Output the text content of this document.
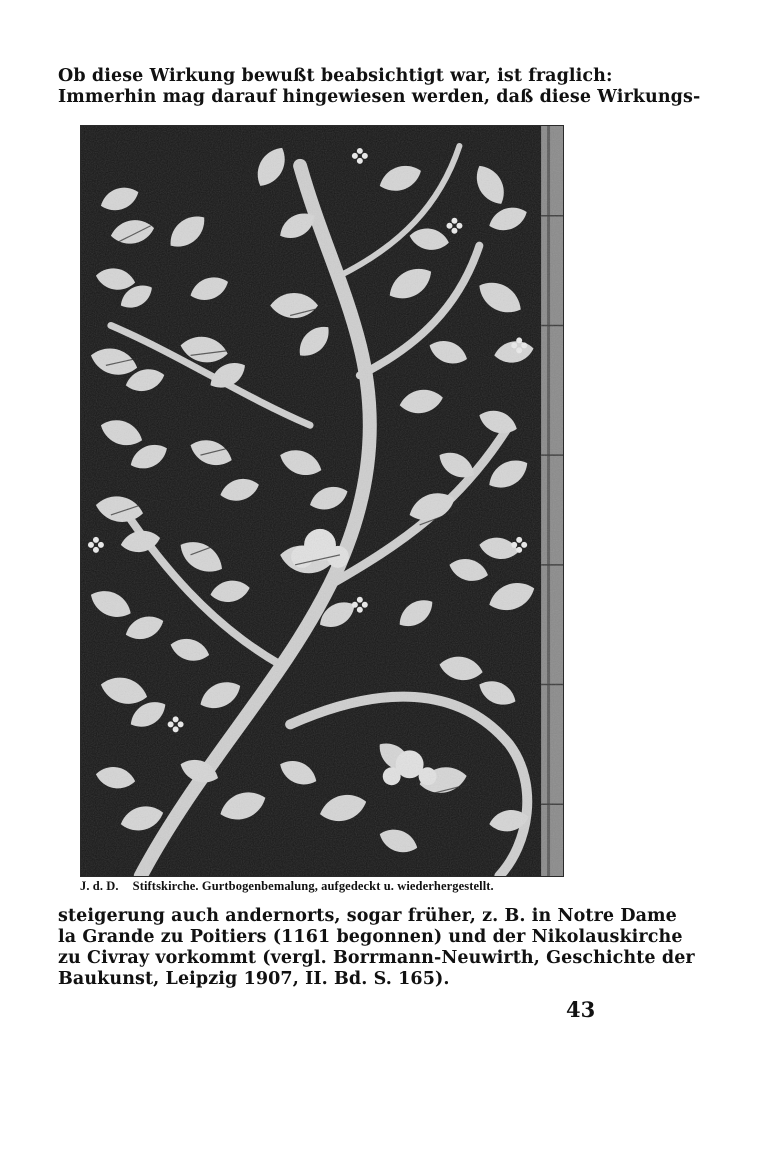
Ob diese Wirkung bewußt beabsichtigt war, ist fraglich:
Immerhin mag darauf hingewiesen werden, daß diese Wirkungs-
J. d. D. Stiftskirche. Gurtbogenbemalung, aufgedeckt u. wiederhergestellt.
steigerung auch andernorts, sogar früher, z. B. in Notre Dame
la Grande zu Poitiers (1161 begonnen) und der Nikolauskirche
zu Civray vorkommt (vergl. Borrmann-Neuwirth, Geschichte der
Baukunst, Leipzig 1907, II. Bd. S. 165).
43
